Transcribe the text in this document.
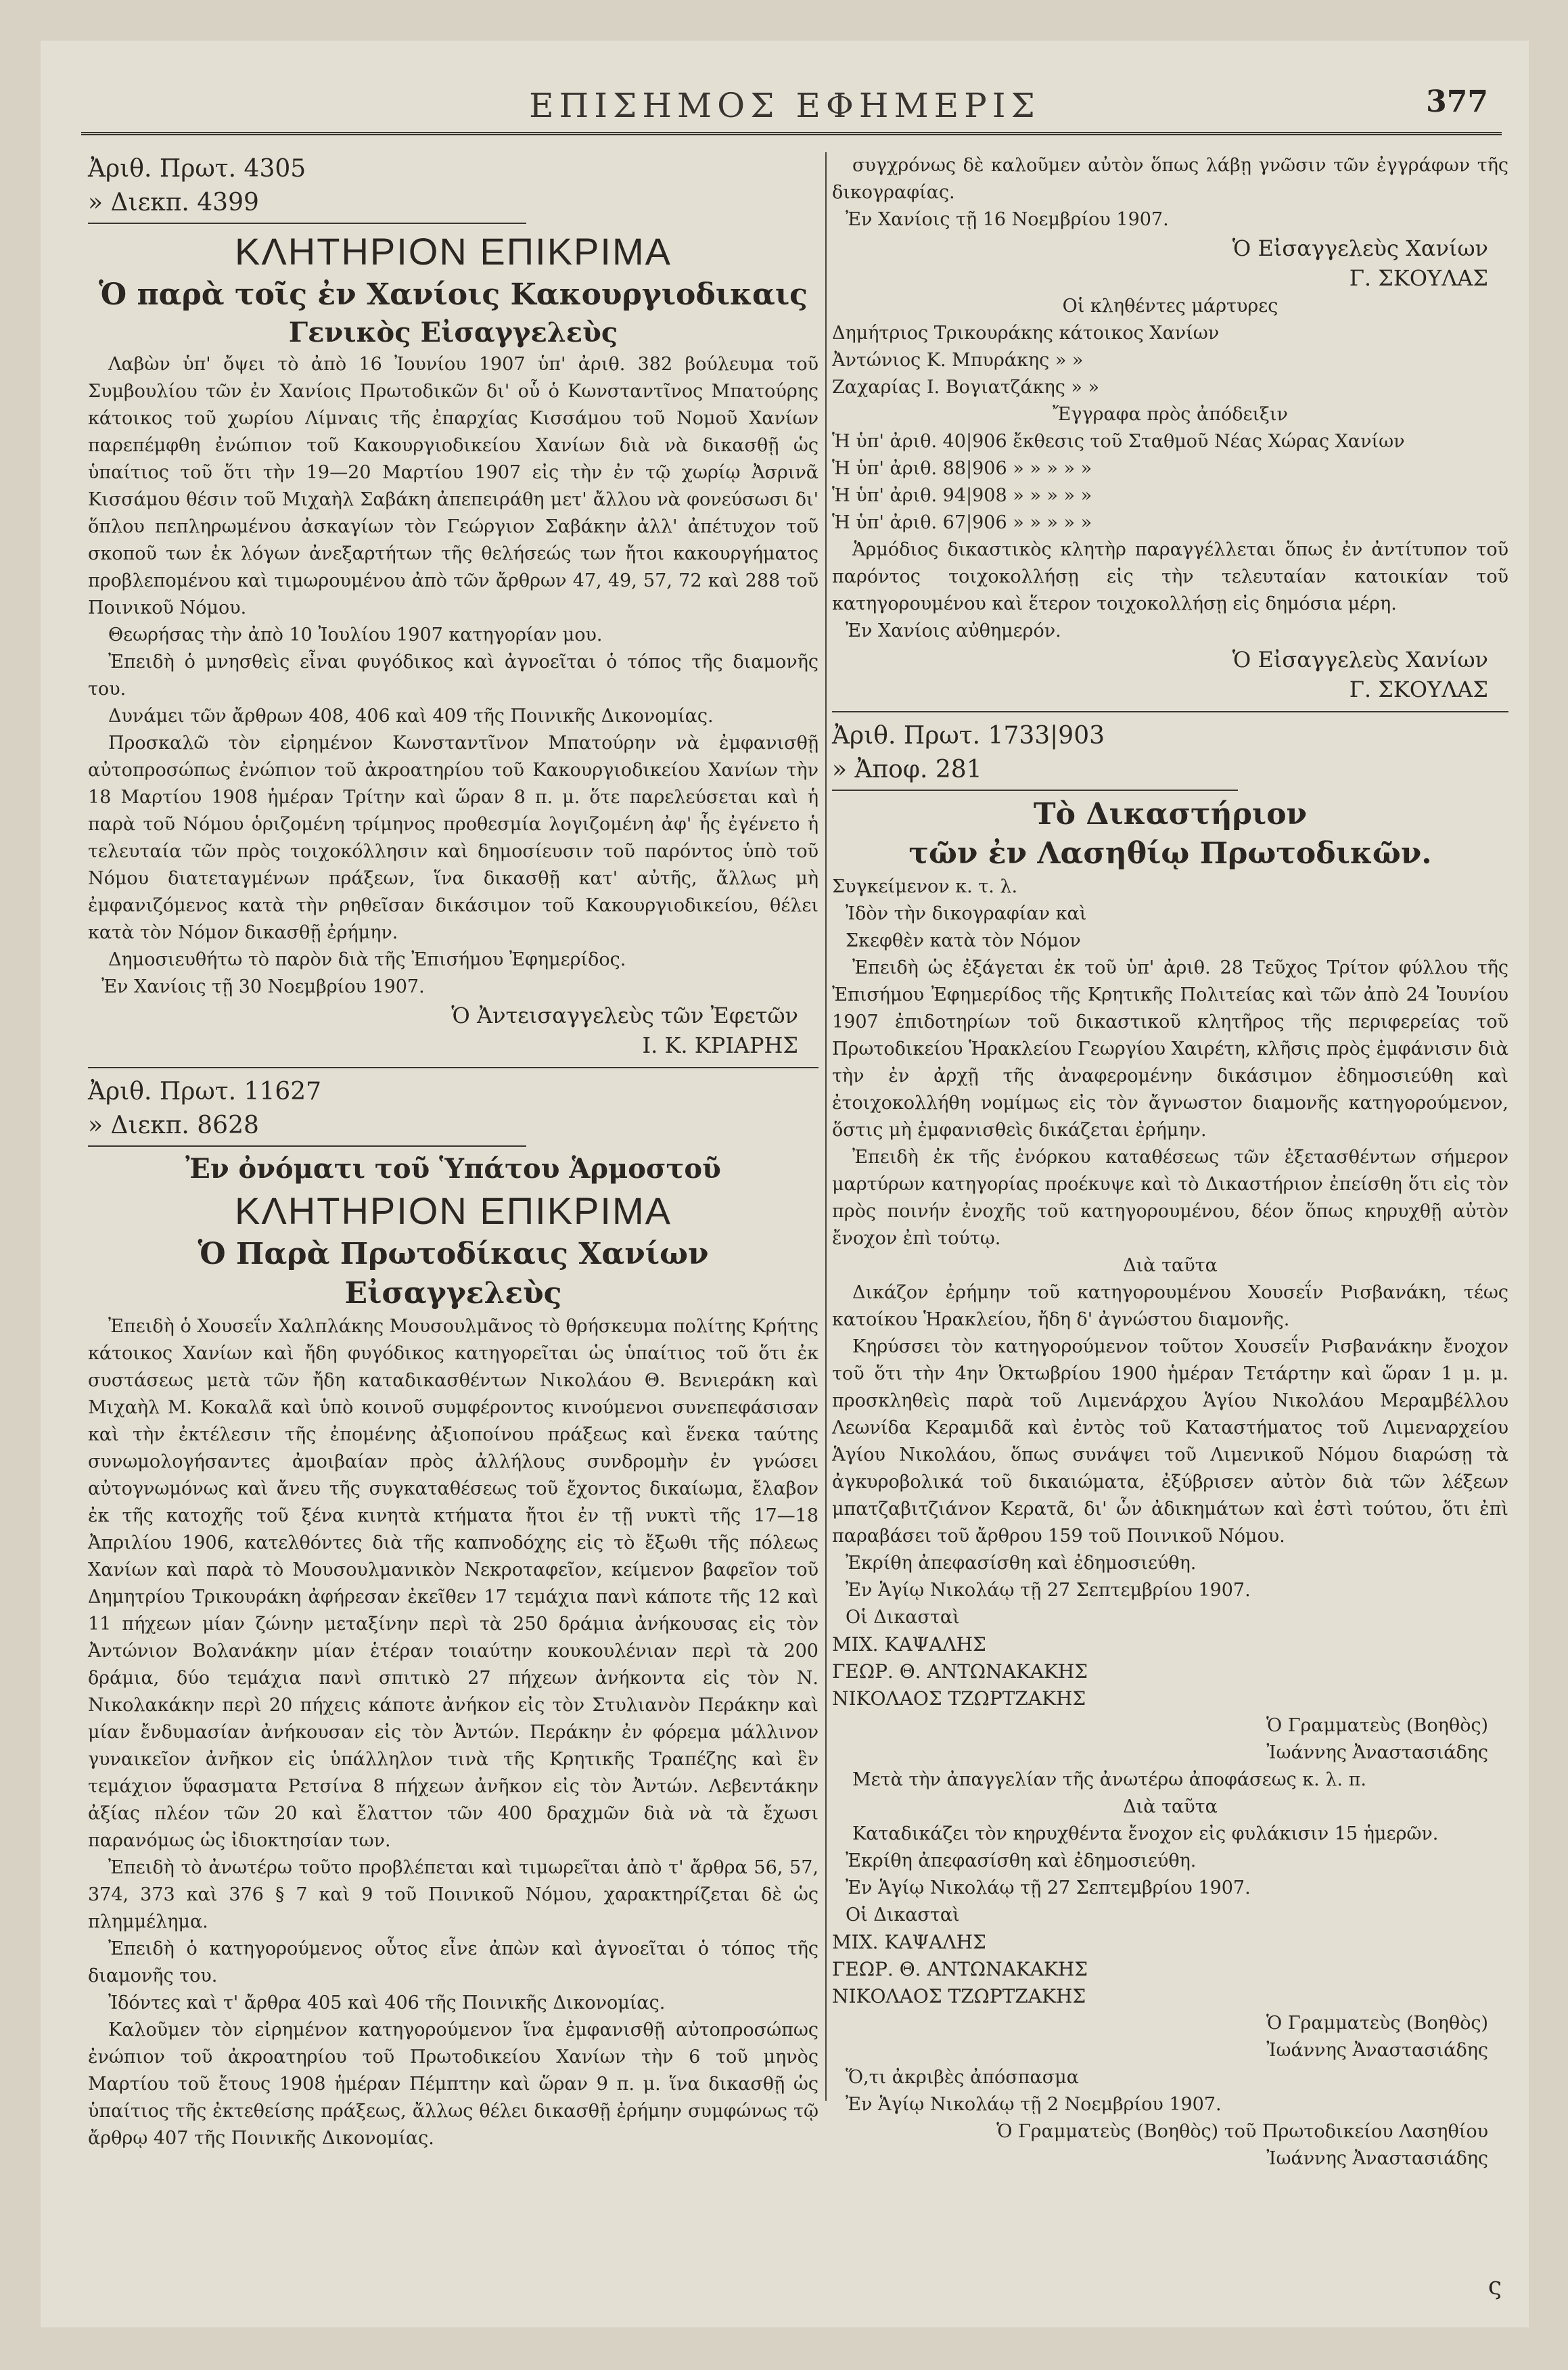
ΕΠΙΣΗΜΟΣ ΕΦΗΜΕΡΙΣ	377
Ἀριθ. Πρωτ. 4305
» Διεκπ. 4399
ΚΛΗΤΗΡΙΟΝ ΕΠΙΚΡΙΜΑ
Ὁ παρὰ τοῖς ἐν Χανίοις Κακουργιοδικαις
Γενικὸς Εἰσαγγελεὺς

Λαβὼν ὑπ' ὄψει τὸ ἀπὸ 16 Ἰουνίου 1907 ὑπ' ἀριθ. 382 βούλευμα τοῦ Συμβουλίου τῶν ἐν Χανίοις Πρωτοδικῶν δι' οὗ ὁ Κωνσταντῖνος Μπατούρης κάτοικος τοῦ χωρίου Λίμναις τῆς ἐπαρχίας Κισσάμου τοῦ Νομοῦ Χανίων παρεπέμφθη ἐνώπιον τοῦ Κακουργιοδικείου Χανίων διὰ νὰ δικασθῇ ὡς ὑπαίτιος τοῦ ὅτι τὴν 19—20 Μαρτίου 1907 εἰς τὴν ἐν τῷ χωρίῳ Ἀσρινᾶ Κισσάμου θέσιν τοῦ Μιχαὴλ Σαβάκη ἀπεπειράθη μετ' ἄλλου νὰ φονεύσωσι δι' ὅπλου πεπληρωμένου ἀσκαγίων τὸν Γεώργιον Σαβάκην ἀλλ' ἀπέτυχον τοῦ σκοποῦ των ἐκ λόγων ἀνεξαρτήτων τῆς θελήσεώς των ἤτοι κακουργήματος προβλεπομένου καὶ τιμωρουμένου ἀπὸ τῶν ἄρθρων 47, 49, 57, 72 καὶ 288 τοῦ Ποινικοῦ Νόμου.

Θεωρήσας τὴν ἀπὸ 10 Ἰουλίου 1907 κατηγορίαν μου.

Ἐπειδὴ ὁ μνησθεὶς εἶναι φυγόδικος καὶ ἀγνοεῖται ὁ τόπος τῆς διαμονῆς του.

Δυνάμει τῶν ἄρθρων 408, 406 καὶ 409 τῆς Ποινικῆς Δικονομίας.

Προσκαλῶ τὸν εἰρημένον Κωνσταντῖνον Μπατούρην νὰ ἐμφανισθῇ αὐτοπροσώπως ἐνώπιον τοῦ ἀκροατηρίου τοῦ Κακουργιοδικείου Χανίων τὴν 18 Μαρτίου 1908 ἡμέραν Τρίτην καὶ ὥραν 8 π. μ. ὅτε παρελεύσεται καὶ ἡ παρὰ τοῦ Νόμου ὁριζομένη τρίμηνος προθεσμία λογιζομένη ἀφ' ἧς ἐγένετο ἡ τελευταία τῶν πρὸς τοιχοκόλλησιν καὶ δημοσίευσιν τοῦ παρόντος ὑπὸ τοῦ Νόμου διατεταγμένων πράξεων, ἵνα δικασθῇ κατ' αὐτῆς, ἄλλως μὴ ἐμφανιζόμενος κατὰ τὴν ρηθεῖσαν δικάσιμον τοῦ Κακουργιοδικείου, θέλει κατὰ τὸν Νόμον δικασθῇ ἐρήμην.

Δημοσιευθήτω τὸ παρὸν διὰ τῆς Ἐπισήμου Ἐφημερίδος.

Ἐν Χανίοις τῇ 30 Νοεμβρίου 1907.
Ὁ Ἀντεισαγγελεὺς τῶν Ἐφετῶν
Ι. Κ. ΚΡΙΑΡΗΣ
Ἀριθ. Πρωτ. 11627
» Διεκπ. 8628
Ἐν ὀνόματι τοῦ Ὑπάτου Ἁρμοστοῦ
ΚΛΗΤΗΡΙΟΝ ΕΠΙΚΡΙΜΑ
Ὁ Παρὰ Πρωτοδίκαις Χανίων Εἰσαγγελεὺς

Ἐπειδὴ ὁ Χουσεΐν Χαλπλάκης Μουσουλμᾶνος τὸ θρήσκευμα πολίτης Κρήτης κάτοικος Χανίων καὶ ἤδη φυγόδικος κατηγορεῖται ὡς ὑπαίτιος τοῦ ὅτι ἐκ συστάσεως μετὰ τῶν ἤδη καταδικασθέντων Νικολάου Θ. Βενιεράκη καὶ Μιχαὴλ Μ. Κοκαλᾶ καὶ ὑπὸ κοινοῦ συμφέροντος κινούμενοι συνεπεφάσισαν καὶ τὴν ἐκτέλεσιν τῆς ἐπομένης ἀξιοποίνου πράξεως καὶ ἕνεκα ταύτης συνωμολογήσαντες ἀμοιβαίαν πρὸς ἀλλήλους συνδρομὴν ἐν γνώσει αὐτογνωμόνως καὶ ἄνευ τῆς συγκαταθέσεως τοῦ ἔχοντος δικαίωμα, ἔλαβον ἐκ τῆς κατοχῆς τοῦ ξένα κινητὰ κτήματα ἤτοι ἐν τῇ νυκτὶ τῆς 17—18 Ἀπριλίου 1906, κατελθόντες διὰ τῆς καπνοδόχης εἰς τὸ ἔξωθι τῆς πόλεως Χανίων καὶ παρὰ τὸ Μουσουλμανικὸν Νεκροταφεῖον, κείμενον βαφεῖον τοῦ Δημητρίου Τρικουράκη ἀφήρεσαν ἐκεῖθεν 17 τεμάχια πανὶ κάποτε τῆς 12 καὶ 11 πήχεων μίαν ζώνην μεταξίνην περὶ τὰ 250 δράμια ἀνήκουσας εἰς τὸν Ἀντώνιον Βολανάκην μίαν ἑτέραν τοιαύτην κουκουλένιαν περὶ τὰ 200 δράμια, δύο τεμάχια πανὶ σπιτικὸ 27 πήχεων ἀνήκοντα εἰς τὸν Ν. Νικολακάκην περὶ 20 πήχεις κάποτε ἀνήκον εἰς τὸν Στυλιανὸν Περάκην καὶ μίαν ἔνδυμασίαν ἀνήκουσαν εἰς τὸν Ἀντών. Περάκην ἐν φόρεμα μάλλινον γυναικεῖον ἀνῆκον εἰς ὑπάλληλον τινὰ τῆς Κρητικῆς Τραπέζης καὶ ἓν τεμάχιον ὕφασματα Ρετσίνα 8 πήχεων ἀνῆκον εἰς τὸν Ἀντών. Λεβεντάκην ἀξίας πλέον τῶν 20 καὶ ἔλαττον τῶν 400 δραχμῶν διὰ νὰ τὰ ἔχωσι παρανόμως ὡς ἰδιοκτησίαν των.

Ἐπειδὴ τὸ ἀνωτέρω τοῦτο προβλέπεται καὶ τιμωρεῖται ἀπὸ τ' ἄρθρα 56, 57, 374, 373 καὶ 376 § 7 καὶ 9 τοῦ Ποινικοῦ Νόμου, χαρακτηρίζεται δὲ ὡς πλημμέλημα.

Ἐπειδὴ ὁ κατηγορούμενος οὗτος εἶνε ἀπὼν καὶ ἀγνοεῖται ὁ τόπος τῆς διαμονῆς του.

Ἰδόντες καὶ τ' ἄρθρα 405 καὶ 406 τῆς Ποινικῆς Δικονομίας.

Καλοῦμεν τὸν εἰρημένον κατηγορούμενον ἵνα ἐμφανισθῇ αὐτοπροσώπως ἐνώπιον τοῦ ἀκροατηρίου τοῦ Πρωτοδικείου Χανίων τὴν 6 τοῦ μηνὸς Μαρτίου τοῦ ἔτους 1908 ἡμέραν Πέμπτην καὶ ὥραν 9 π. μ. ἵνα δικασθῇ ὡς ὑπαίτιος τῆς ἐκτεθείσης πράξεως, ἄλλως θέλει δικασθῇ ἐρήμην συμφώνως τῷ ἄρθρῳ 407 τῆς Ποινικῆς Δικονομίας.

συγχρόνως δὲ καλοῦμεν αὐτὸν ὅπως λάβῃ γνῶσιν τῶν ἐγγράφων τῆς δικογραφίας.

Ἐν Χανίοις τῇ 16 Νοεμβρίου 1907.
Ὁ Εἰσαγγελεὺς Χανίων
Γ. ΣΚΟΥΛΑΣ
Οἱ κληθέντες μάρτυρες
Δημήτριος Τρικουράκης κάτοικος Χανίων
Ἀντώνιος Κ. Μπυράκης » »
Ζαχαρίας Ι. Βογιατζάκης » »
Ἔγγραφα πρὸς ἀπόδειξιν
Ἡ ὑπ' ἀριθ. 40|906 ἔκθεσις τοῦ Σταθμοῦ Νέας Χώρας Χανίων
Ἡ ὑπ' ἀριθ. 88|906 » » » » »
Ἡ ὑπ' ἀριθ. 94|908 » » » » »
Ἡ ὑπ' ἀριθ. 67|906 » » » » »

Ἁρμόδιος δικαστικὸς κλητὴρ παραγγέλλεται ὅπως ἐν ἀντίτυπον τοῦ παρόντος τοιχοκολλήσῃ εἰς τὴν τελευταίαν κατοικίαν τοῦ κατηγορουμένου καὶ ἕτερον τοιχοκολλήσῃ εἰς δημόσια μέρη.

Ἐν Χανίοις αὐθημερόν.
Ὁ Εἰσαγγελεὺς Χανίων
Γ. ΣΚΟΥΛΑΣ
Ἀριθ. Πρωτ. 1733|903
» Ἀποφ. 281
Τὸ Δικαστήριον
τῶν ἐν Λασηθίῳ Πρωτοδικῶν.
Συγκείμενον κ. τ. λ.
Ἰδὸν τὴν δικογραφίαν καὶ
Σκεφθὲν κατὰ τὸν Νόμον

Ἐπειδὴ ὡς ἐξάγεται ἐκ τοῦ ὑπ' ἀριθ. 28 Τεῦχος Τρίτον φύλλου τῆς Ἐπισήμου Ἐφημερίδος τῆς Κρητικῆς Πολιτείας καὶ τῶν ἀπὸ 24 Ἰουνίου 1907 ἐπιδοτηρίων τοῦ δικαστικοῦ κλητῆρος τῆς περιφερείας τοῦ Πρωτοδικείου Ἡρακλείου Γεωργίου Χαιρέτη, κλῆσις πρὸς ἐμφάνισιν διὰ τὴν ἐν ἀρχῇ τῆς ἀναφερομένην δικάσιμον ἐδημοσιεύθη καὶ ἐτοιχοκολλήθη νομίμως εἰς τὸν ἄγνωστον διαμονῆς κατηγορούμενον, ὅστις μὴ ἐμφανισθεὶς δικάζεται ἐρήμην.

Ἐπειδὴ ἐκ τῆς ἐνόρκου καταθέσεως τῶν ἐξετασθέντων σήμερον μαρτύρων κατηγορίας προέκυψε καὶ τὸ Δικαστήριον ἐπείσθη ὅτι εἰς τὸν πρὸς ποινήν ἐνοχῆς τοῦ κατηγορουμένου, δέον ὅπως κηρυχθῇ αὐτὸν ἔνοχον ἐπὶ τούτῳ.

Διὰ ταῦτα

Δικάζον ἐρήμην τοῦ κατηγορουμένου Χουσεΐν Ρισβανάκη, τέως κατοίκου Ἡρακλείου, ἤδη δ' ἀγνώστου διαμονῆς.

Κηρύσσει τὸν κατηγορούμενον τοῦτον Χουσεΐν Ρισβανάκην ἔνοχον τοῦ ὅτι τὴν 4ην Ὀκτωβρίου 1900 ἡμέραν Τετάρτην καὶ ὥραν 1 μ. μ. προσκληθεὶς παρὰ τοῦ Λιμενάρχου Ἁγίου Νικολάου Μεραμβέλλου Λεωνίδα Κεραμιδᾶ καὶ ἐντὸς τοῦ Καταστήματος τοῦ Λιμεναρχείου Ἁγίου Νικολάου, ὅπως συνάψει τοῦ Λιμενικοῦ Νόμου διαρώσῃ τὰ ἀγκυροβολικά τοῦ δικαιώματα, ἐξύβρισεν αὐτὸν διὰ τῶν λέξεων μπατζαβιτζιάνον Κερατᾶ, δι' ὧν ἀδικημάτων καὶ ἐστὶ τούτου, ὅτι ἐπὶ παραβάσει τοῦ ἄρθρου 159 τοῦ Ποινικοῦ Νόμου.

Ἐκρίθη ἀπεφασίσθη καὶ ἐδημοσιεύθη.
Ἐν Ἁγίῳ Νικολάῳ τῇ 27 Σεπτεμβρίου 1907.
Οἱ Δικασταὶ
ΜΙΧ. ΚΑΨΑΛΗΣ
ΓΕΩΡ. Θ. ΑΝΤΩΝΑΚΑΚΗΣ
ΝΙΚΟΛΑΟΣ ΤΖΩΡΤΖΑΚΗΣ
Ὁ Γραμματεὺς (Βοηθὸς)
Ἰωάννης Ἀναστασιάδης

Μετὰ τὴν ἀπαγγελίαν τῆς ἀνωτέρω ἀποφάσεως κ. λ. π.

Διὰ ταῦτα

Καταδικάζει τὸν κηρυχθέντα ἔνοχον εἰς φυλάκισιν 15 ἡμερῶν.

Ἐκρίθη ἀπεφασίσθη καὶ ἐδημοσιεύθη.
Ἐν Ἁγίῳ Νικολάῳ τῇ 27 Σεπτεμβρίου 1907.
Οἱ Δικασταὶ
ΜΙΧ. ΚΑΨΑΛΗΣ
ΓΕΩΡ. Θ. ΑΝΤΩΝΑΚΑΚΗΣ
ΝΙΚΟΛΑΟΣ ΤΖΩΡΤΖΑΚΗΣ
Ὁ Γραμματεὺς (Βοηθὸς)
Ἰωάννης Ἀναστασιάδης
Ὅ,τι ἀκριβὲς ἀπόσπασμα
Ἐν Ἁγίῳ Νικολάῳ τῇ 2 Νοεμβρίου 1907.
Ὁ Γραμματεὺς (Βοηθὸς) τοῦ Πρωτοδικείου Λασηθίου
Ἰωάννης Ἀναστασιάδης
ς
